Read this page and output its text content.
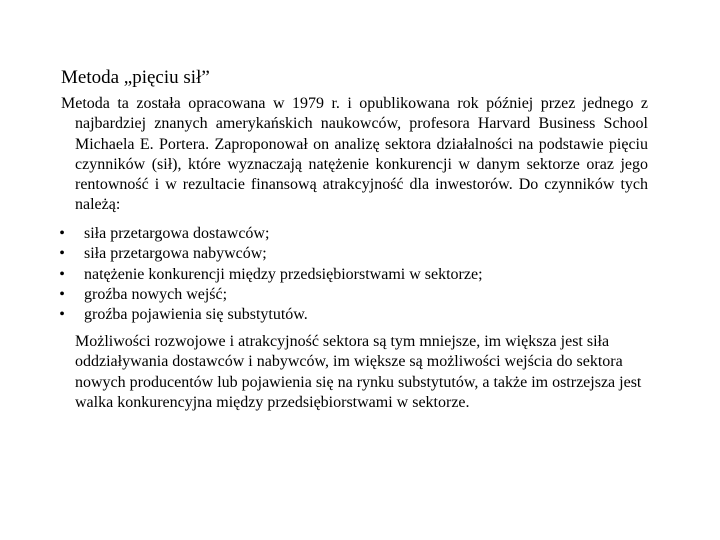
Metoda „pięciu sił”

Metoda ta została opracowana w 1979 r. i opublikowana rok później przez jednego z najbardziej znanych amerykańskich naukowców, profesora Harvard Business School Michaela E. Portera. Zaproponował on analizę sektora działalności na podstawie pięciu czynników (sił), które wyznaczają natężenie konkurencji w danym sektorze oraz jego rentowność i w rezultacie finansową atrakcyjność dla inwestorów. Do czynników tych należą:

• siła przetargowa dostawców;
• siła przetargowa nabywców;
• natężenie konkurencji między przedsiębiorstwami w sektorze;
• groźba nowych wejść;
• groźba pojawienia się substytutów.

Możliwości rozwojowe i atrakcyjność sektora są tym mniejsze, im większa jest siła oddziaływania dostawców i nabywców, im większe są możliwości wejścia do sektora nowych producentów lub pojawienia się na rynku substytutów, a także im ostrzejsza jest walka konkurencyjna między przedsiębiorstwami w sektorze.
